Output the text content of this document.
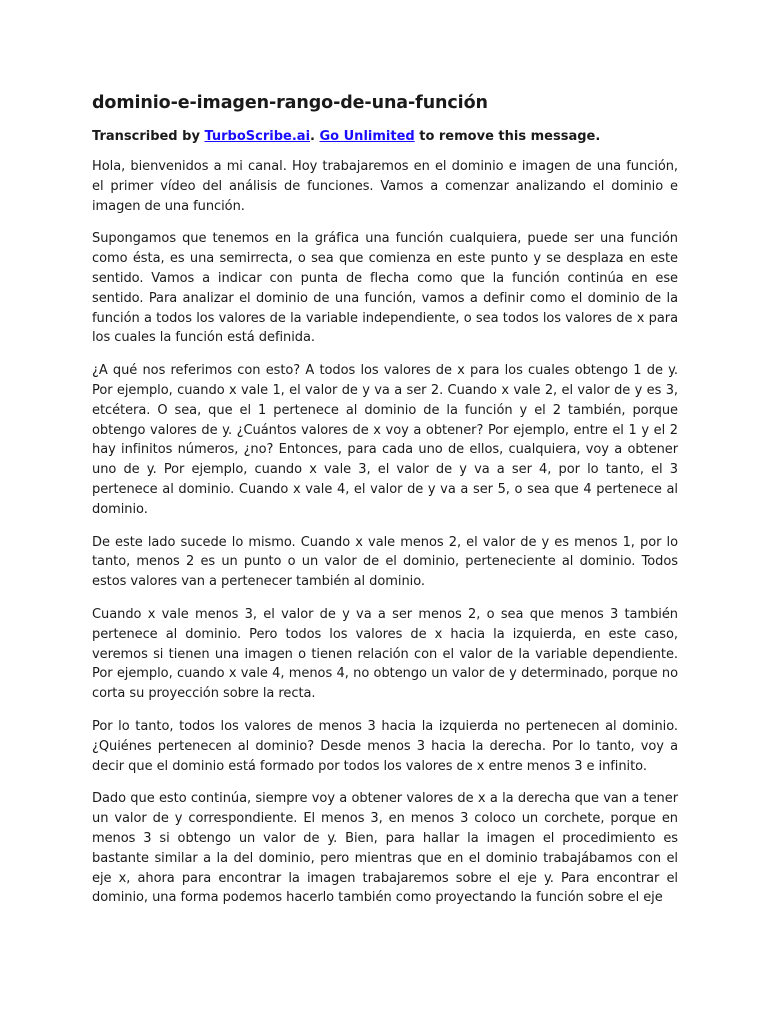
dominio-e-imagen-rango-de-una-función

Transcribed by TurboScribe.ai. Go Unlimited to remove this message.

Hola, bienvenidos a mi canal. Hoy trabajaremos en el dominio e imagen de una función, el primer vídeo del análisis de funciones. Vamos a comenzar analizando el dominio e imagen de una función.

Supongamos que tenemos en la gráfica una función cualquiera, puede ser una función como ésta, es una semirrecta, o sea que comienza en este punto y se desplaza en este sentido. Vamos a indicar con punta de flecha como que la función continúa en ese sentido. Para analizar el dominio de una función, vamos a definir como el dominio de la función a todos los valores de la variable independiente, o sea todos los valores de x para los cuales la función está definida.

¿A qué nos referimos con esto? A todos los valores de x para los cuales obtengo 1 de y. Por ejemplo, cuando x vale 1, el valor de y va a ser 2. Cuando x vale 2, el valor de y es 3, etcétera. O sea, que el 1 pertenece al dominio de la función y el 2 también, porque obtengo valores de y. ¿Cuántos valores de x voy a obtener? Por ejemplo, entre el 1 y el 2 hay infinitos números, ¿no? Entonces, para cada uno de ellos, cualquiera, voy a obtener uno de y. Por ejemplo, cuando x vale 3, el valor de y va a ser 4, por lo tanto, el 3 pertenece al dominio. Cuando x vale 4, el valor de y va a ser 5, o sea que 4 pertenece al dominio.

De este lado sucede lo mismo. Cuando x vale menos 2, el valor de y es menos 1, por lo tanto, menos 2 es un punto o un valor de el dominio, perteneciente al dominio. Todos estos valores van a pertenecer también al dominio.

Cuando x vale menos 3, el valor de y va a ser menos 2, o sea que menos 3 también pertenece al dominio. Pero todos los valores de x hacia la izquierda, en este caso, veremos si tienen una imagen o tienen relación con el valor de la variable dependiente. Por ejemplo, cuando x vale 4, menos 4, no obtengo un valor de y determinado, porque no corta su proyección sobre la recta.

Por lo tanto, todos los valores de menos 3 hacia la izquierda no pertenecen al dominio. ¿Quiénes pertenecen al dominio? Desde menos 3 hacia la derecha. Por lo tanto, voy a decir que el dominio está formado por todos los valores de x entre menos 3 e infinito.

Dado que esto continúa, siempre voy a obtener valores de x a la derecha que van a tener un valor de y correspondiente. El menos 3, en menos 3 coloco un corchete, porque en menos 3 si obtengo un valor de y. Bien, para hallar la imagen el procedimiento es bastante similar a la del dominio, pero mientras que en el dominio trabajábamos con el eje x, ahora para encontrar la imagen trabajaremos sobre el eje y. Para encontrar el dominio, una forma podemos hacerlo también como proyectando la función sobre el eje
